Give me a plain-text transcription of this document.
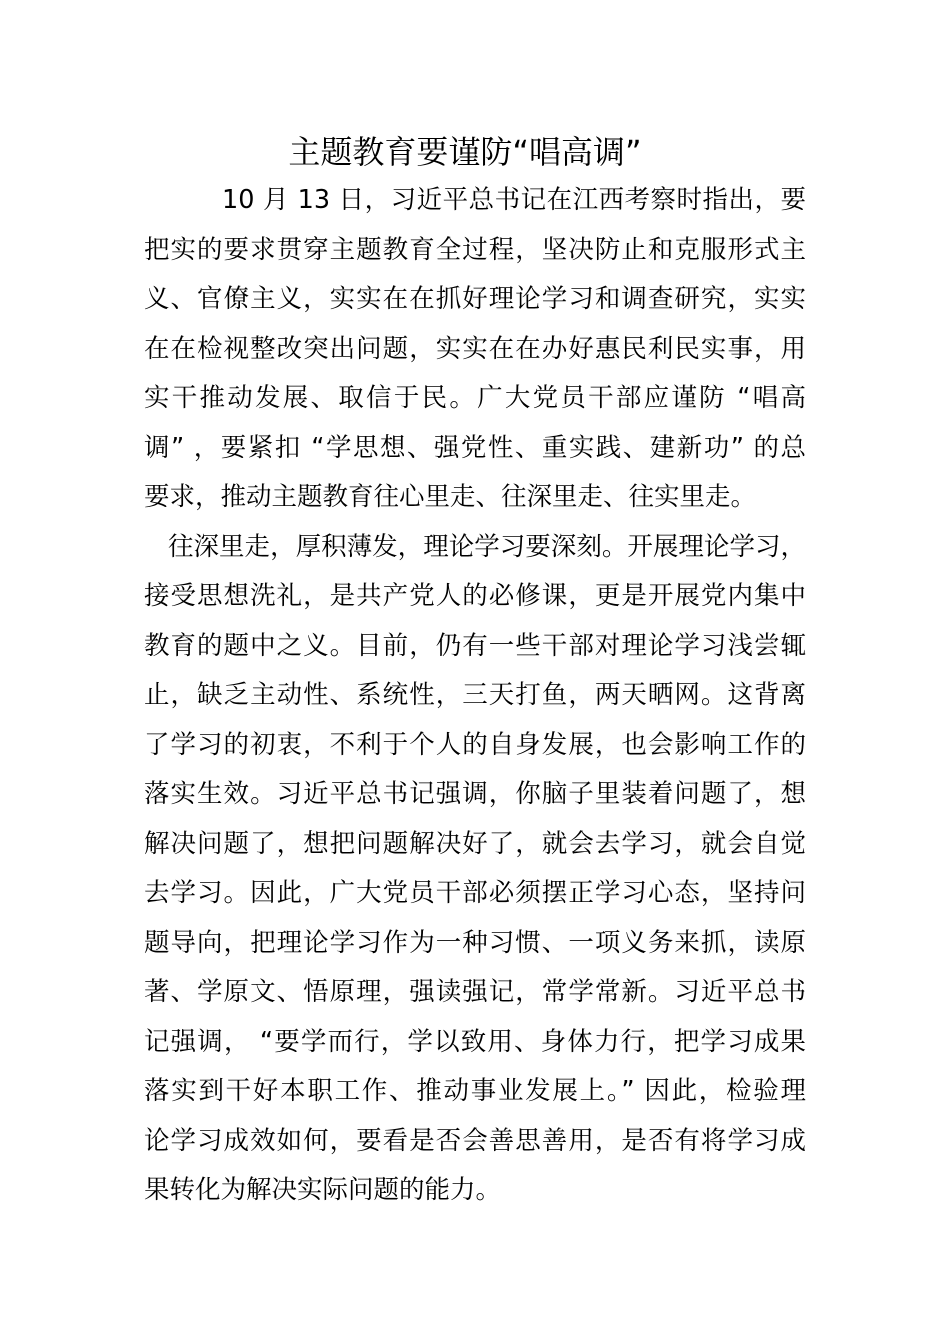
主题教育要谨防“唱高调”
10 月 13 日，习近平总书记在江西考察时指出，要
把实的要求贯穿主题教育全过程，坚决防止和克服形式主
义、官僚主义，实实在在抓好理论学习和调查研究，实实
在在检视整改突出问题，实实在在办好惠民利民实事，用
实干推动发展、取信于民。广大党员干部应谨防 “唱高
调” ，要紧扣 “学思想、强党性、重实践、建新功” 的总
要求，推动主题教育往心里走、往深里走、往实里走。
往深里走，厚积薄发，理论学习要深刻。开展理论学习，
接受思想洗礼，是共产党人的必修课，更是开展党内集中
教育的题中之义。目前，仍有一些干部对理论学习浅尝辄
止，缺乏主动性、系统性，三天打鱼，两天晒网。这背离
了学习的初衷，不利于个人的自身发展，也会影响工作的
落实生效。习近平总书记强调，你脑子里装着问题了，想
解决问题了，想把问题解决好了，就会去学习，就会自觉
去学习。因此，广大党员干部必须摆正学习心态，坚持问
题导向，把理论学习作为一种习惯、一项义务来抓，读原
著、学原文、悟原理，强读强记，常学常新。习近平总书
记强调， “要学而行，学以致用、身体力行，把学习成果
落实到干好本职工作、推动事业发展上。” 因此，检验理
论学习成效如何，要看是否会善思善用，是否有将学习成
果转化为解决实际问题的能力。
